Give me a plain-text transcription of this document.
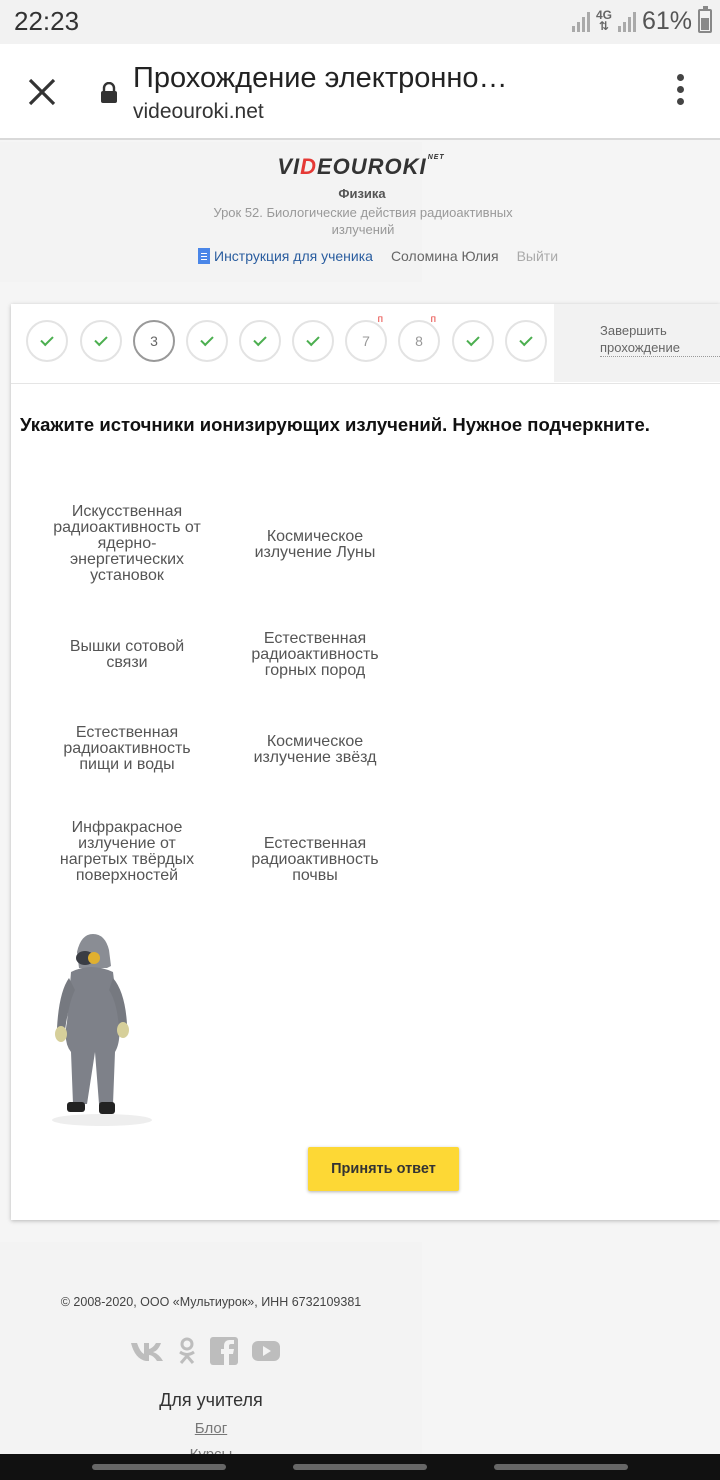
22:23	4G
⇅ 61%
Прохождение электронно…
videouroki.net
$VIDEOUROKI^{NET}$
Физика
Урок 52. Биологические действия радиоактивных излучений
Инструкция для ученика Соломина Юлия Выйти
3	7
п
8
п
Завершить прохождение
Укажите источники ионизирующих излучений. Нужное подчеркните.
Искусственная радиоактивность от ядерно-энергетических установок
Космическое излучение Луны
Вышки сотовой связи
Естественная радиоактивность горных пород
Естественная радиоактивность пищи и воды
Космическое излучение звёзд
Инфракрасное излучение от нагретых твёрдых поверхностей
Естественная радиоактивность почвы
Принять ответ
© 2008-2020, ООО «Мультиурок», ИНН 6732109381
Для учителя
Блог
